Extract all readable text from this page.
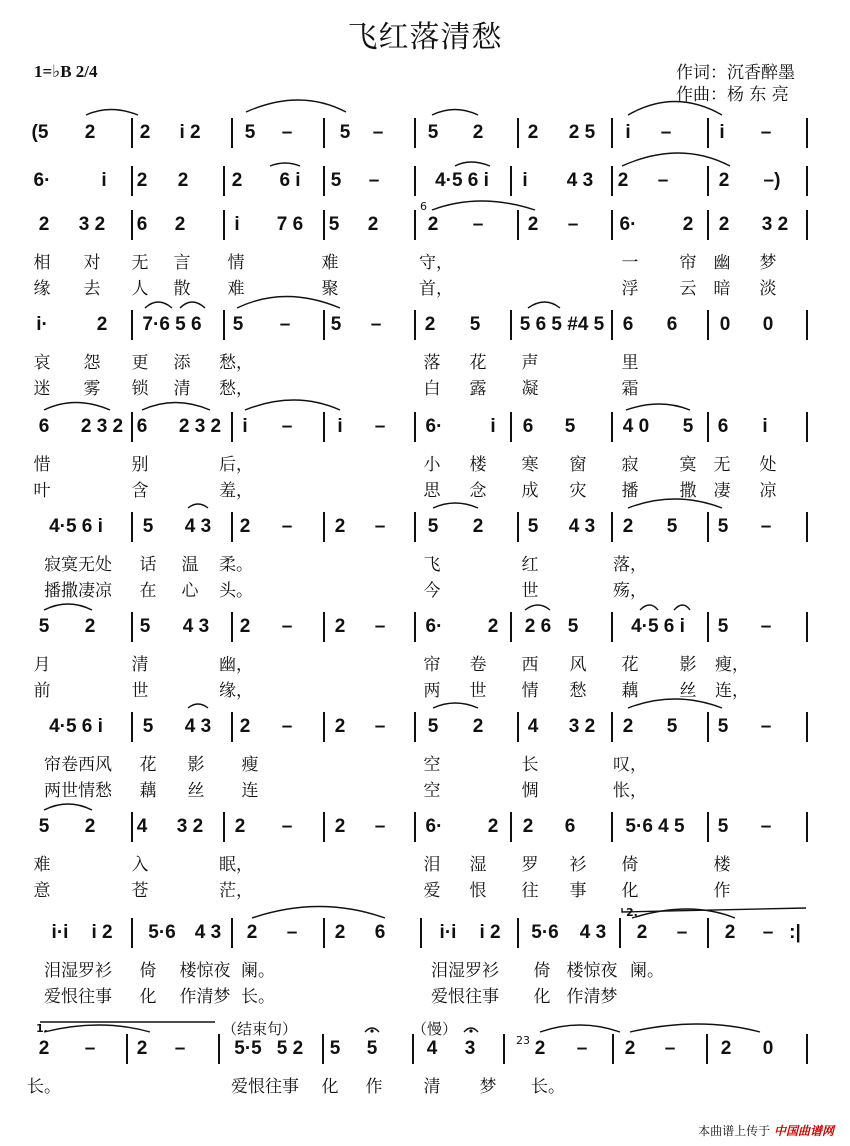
飞红落清愁
1=♭B 2/4	作词：沉香醉墨
作曲：杨 东 亮
(5 2 2 i 2 5 – 5 – 5 2 2 2 5 i –	i –
6·	i 2 2 2 6 i 5 –	4·5 6 i i 4 3 2 –	2 –)
2 3 2 6 2	i 7 6 5 2	2 – 2 – 6· 2 2 3 2
相 对 无 言 情	难	守，	一 帘 幽 梦
缘 去 人 散 难	聚	首，	浮 云 暗 淡
i·	2 7·6 5 6 5 – 5 – 2 5 5 6 5 #4 5 6 6 0 0
哀 怨 更 添 愁，	落 花 声	里
迷 雾 锁 清 愁，	白 露 凝	霜
6 2 3 2 6 2 3 2 i – i – 6·	i 6 5	4 0 5 6 i
惜	别	后，	小 楼 寒 窗 寂 寞 无 处
叶	含	羞，	思 念 成 灾 播 撒 凄 凉
4·5 6 i 5 4 3 2 – 2 – 5 2 5 4 3 2 5 5 –
寂寞无处 话 温 柔。	飞	红	落，
播撒凄凉 在 心 头。	今	世	殇，
5 2 5 4 3 2 – 2 – 6· 2 2 6 5	4·5 6 i 5 –
月	清	幽，	帘 卷 西 风 花 影 瘦，
前	世	缘，	两 世 情 愁 藕 丝 连，
4·5 6 i 5 4 3 2 – 2 – 5 2 4 3 2 2 5 5 –
帘卷西风 花 影 瘦	空	长	叹，
两世情愁 藕 丝 连	空	惆	怅，
5 2 4 3 2 2 – 2 – 6· 2 2 6	5·6 4 5 5 –
难	入	眠，	泪 湿 罗 衫 倚	楼
意	苍	茫，	爱 恨 往 事 化	作
i·i i 2 5·6 4 3 2 – 2 6	i·i i 2 5·6 4 3 2 – 2 – :|
泪湿罗衫 倚 楼惊夜 阑。	泪湿罗衫 倚 楼惊夜 阑。
爱恨往事 化 作清梦 长。	爱恨往事 化 作清梦
2 – 2 –	5·5 5 2 5 5	4 3	2 – 2 – 2 0
长。	爱恨往事 化 作 清 梦 长。
（结束句）	（慢）
6
23
2.
1.
本曲谱上传于 中国曲谱网
